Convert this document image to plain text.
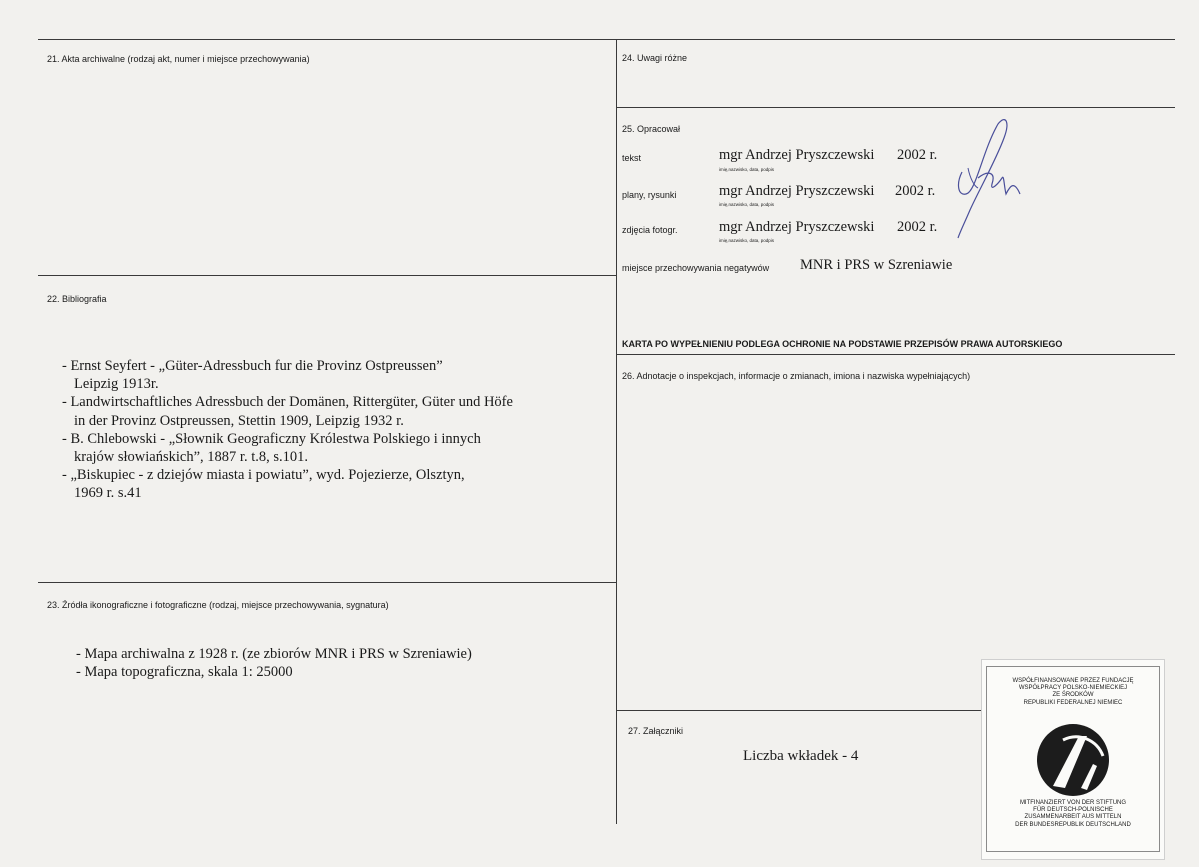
21. Akta archiwalne (rodzaj akt, numer i miejsce przechowywania)
22. Bibliografia
- Ernst Seyfert - „Güter-Adressbuch fur die Provinz Ostpreussen”
Leipzig 1913r.
- Landwirtschaftliches Adressbuch der Domänen, Rittergüter, Güter und Höfe
in der Provinz Ostpreussen, Stettin 1909, Leipzig 1932 r.
- B. Chlebowski - „Słownik Geograficzny Królestwa Polskiego i innych
krajów słowiańskich”, 1887 r. t.8, s.101.
- „Biskupiec - z dziejów miasta i powiatu”, wyd. Pojezierze, Olsztyn,
1969 r. s.41
23. Źródła ikonograficzne i fotograficzne (rodzaj, miejsce przechowywania, sygnatura)
- Mapa archiwalna z 1928 r. (ze zbiorów MNR i PRS w Szreniawie)
- Mapa topograficzna, skala 1: 25000
24. Uwagi różne
25. Opracował
tekst	mgr Andrzej Pryszczewski 2002 r.
imię,nazwisko, data, podpis
plany, rysunki	mgr Andrzej Pryszczewski 2002 r.
imię,nazwisko, data, podpis
zdjęcia fotogr.	mgr Andrzej Pryszczewski 2002 r.
imię,nazwisko, data, podpis
miejsce przechowywania negatywów MNR i PRS w Szreniawie
KARTA PO WYPEŁNIENIU PODLEGA OCHRONIE NA PODSTAWIE PRZEPISÓW PRAWA AUTORSKIEGO
26. Adnotacje o inspekcjach, informacje o zmianach, imiona i nazwiska wypełniających)
27. Załączniki
Liczba wkładek - 4
WSPÓŁFINANSOWANE PRZEZ FUNDACJĘ
WSPÓŁPRACY POLSKO-NIEMIECKIEJ
ZE ŚRODKÓW
REPUBLIKI FEDERALNEJ NIEMIEC
MITFINANZIERT VON DER STIFTUNG
FÜR DEUTSCH-POLNISCHE
ZUSAMMENARBEIT AUS MITTELN
DER BUNDESREPUBLIK DEUTSCHLAND
